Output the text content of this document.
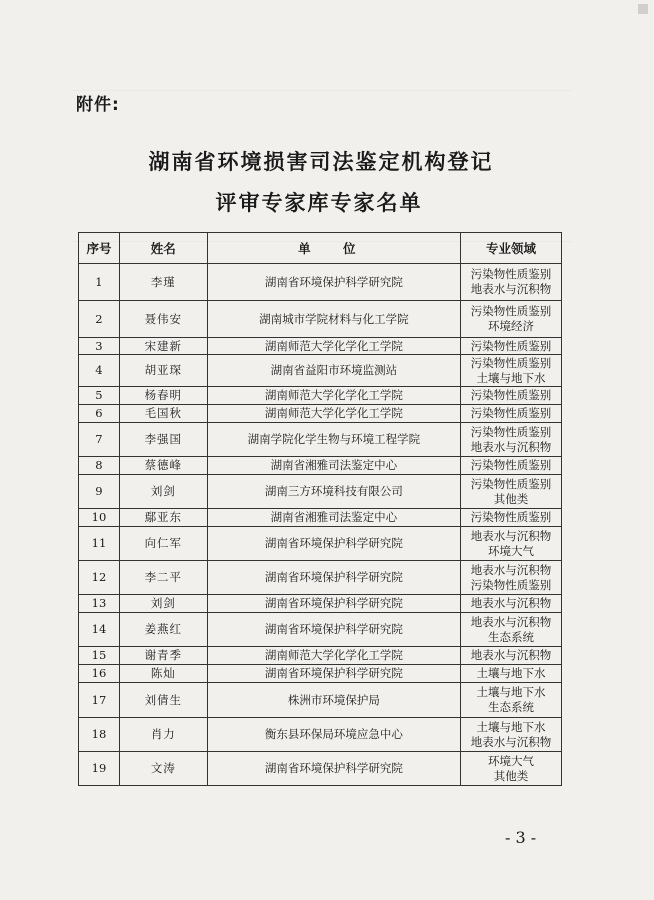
附件:
湖南省环境损害司法鉴定机构登记
评审专家库专家名单
序号	姓名	单 位	专业领域
1	李瑾	湖南省环境保护科学研究院	污染物性质鉴别
地表水与沉积物

2	聂伟安	湖南城市学院材料与化工学院	污染物性质鉴别
环境经济

3	宋建新	湖南师范大学化学化工学院	污染物性质鉴别

4	胡亚琛	湖南省益阳市环境监测站	污染物性质鉴别
土壤与地下水

5	杨春明	湖南师范大学化学化工学院	污染物性质鉴别

6	毛国秋	湖南师范大学化学化工学院	污染物性质鉴别

7	李强国	湖南学院化学生物与环境工程学院	污染物性质鉴别
地表水与沉积物

8	蔡德峰	湖南省湘雅司法鉴定中心	污染物性质鉴别

9	刘剑	湖南三方环境科技有限公司	污染物性质鉴别
其他类

10	鄢亚东	湖南省湘雅司法鉴定中心	污染物性质鉴别

11	向仁军	湖南省环境保护科学研究院	地表水与沉积物
环境大气

12	李二平	湖南省环境保护科学研究院	地表水与沉积物
污染物性质鉴别

13	刘剑	湖南省环境保护科学研究院	地表水与沉积物

14	姜燕红	湖南省环境保护科学研究院	地表水与沉积物
生态系统

15	谢青季	湖南师范大学化学化工学院	地表水与沉积物

16	陈灿	湖南省环境保护科学研究院	土壤与地下水

17	刘倩生	株洲市环境保护局	土壤与地下水
生态系统

18	肖力	衡东县环保局环境应急中心	土壤与地下水
地表水与沉积物

19	文涛	湖南省环境保护科学研究院	环境大气
其他类
- 3 -
